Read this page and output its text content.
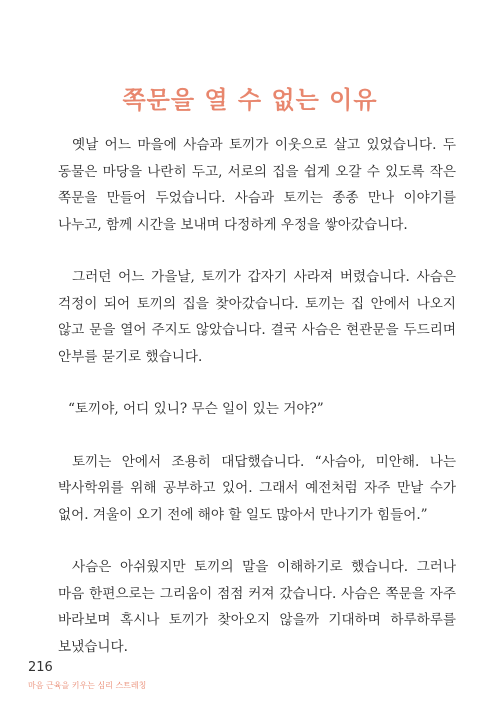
쪽문을 열 수 없는 이유

옛날 어느 마을에 사슴과 토끼가 이웃으로 살고 있었습니다. 두 동물은 마당을 나란히 두고, 서로의 집을 쉽게 오갈 수 있도록 작은 쪽문을 만들어 두었습니다. 사슴과 토끼는 종종 만나 이야기를 나누고, 함께 시간을 보내며 다정하게 우정을 쌓아갔습니다.

그러던 어느 가을날, 토끼가 갑자기 사라져 버렸습니다. 사슴은 걱정이 되어 토끼의 집을 찾아갔습니다. 토끼는 집 안에서 나오지 않고 문을 열어 주지도 않았습니다. 결국 사슴은 현관문을 두드리며 안부를 묻기로 했습니다.

“토끼야, 어디 있니? 무슨 일이 있는 거야?”

토끼는 안에서 조용히 대답했습니다. “사슴아, 미안해. 나는 박사학위를 위해 공부하고 있어. 그래서 예전처럼 자주 만날 수가 없어. 겨울이 오기 전에 해야 할 일도 많아서 만나기가 힘들어.”

사슴은 아쉬웠지만 토끼의 말을 이해하기로 했습니다. 그러나 마음 한편으로는 그리움이 점점 커져 갔습니다. 사슴은 쪽문을 자주 바라보며 혹시나 토끼가 찾아오지 않을까 기대하며 하루하루를 보냈습니다.

216

마음 근육을 키우는 심리 스트레칭
